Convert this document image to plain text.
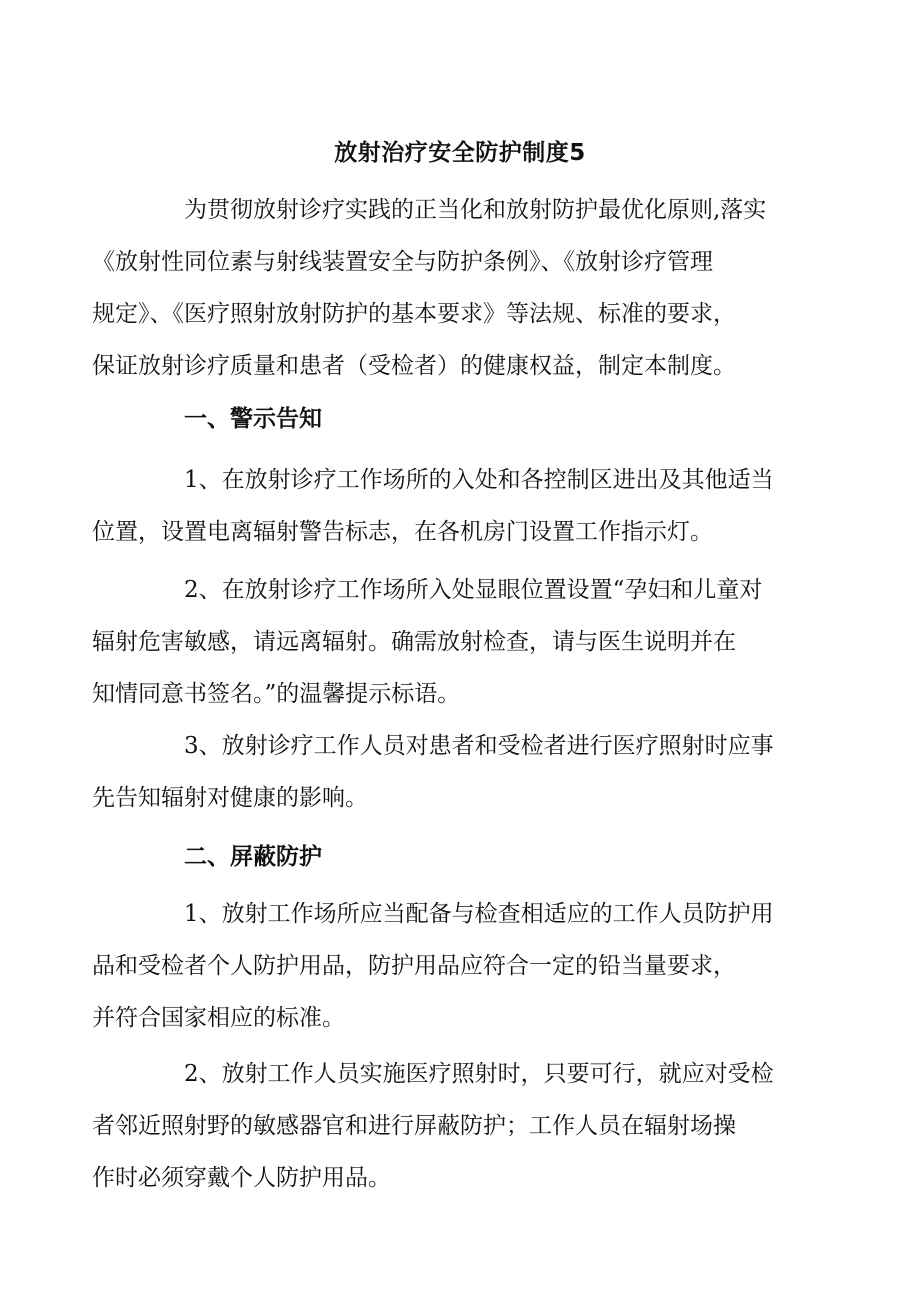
放射治疗安全防护制度5
为贯彻放射诊疗实践的正当化和放射防护最优化原则,落实
《放射性同位素与射线装置安全与防护条例》、《放射诊疗管理
规定》、《医疗照射放射防护的基本要求》等法规、标准的要求，
保证放射诊疗质量和患者（受检者）的健康权益，制定本制度。
一、警示告知
1、在放射诊疗工作场所的入处和各控制区进出及其他适当
位置，设置电离辐射警告标志，在各机房门设置工作指示灯。
2、在放射诊疗工作场所入处显眼位置设置“孕妇和儿童对
辐射危害敏感，请远离辐射。确需放射检查，请与医生说明并在
知情同意书签名。”的温馨提示标语。
3、放射诊疗工作人员对患者和受检者进行医疗照射时应事
先告知辐射对健康的影响。
二、屏蔽防护
1、放射工作场所应当配备与检查相适应的工作人员防护用
品和受检者个人防护用品，防护用品应符合一定的铅当量要求，
并符合国家相应的标准。
2、放射工作人员实施医疗照射时，只要可行，就应对受检
者邻近照射野的敏感器官和进行屏蔽防护；工作人员在辐射场操
作时必须穿戴个人防护用品。
